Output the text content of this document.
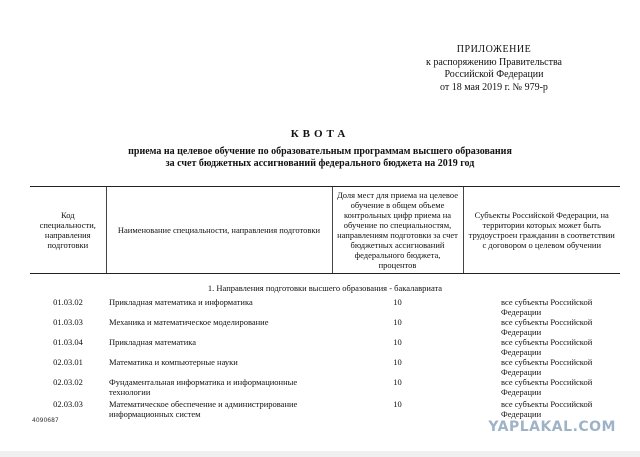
ПРИЛОЖЕНИЕ
к распоряжению Правительства
Российской Федерации
от 18 мая 2019 г. № 979-р
КВОТА
приема на целевое обучение по образовательным программам высшего образования
за счет бюджетных ассигнований федерального бюджета на 2019 год
Код специальности, направления подготовки	Наименование специальности, направления подготовки	Доля мест для приема на целевое обучение в общем объеме контрольных цифр приема на обучение по специальностям, направлениям подготовки за счет бюджетных ассигнований федерального бюджета, процентов	Субъекты Российской Федерации, на территории которых может быть трудоустроен гражданин в соответствии с договором о целевом обучении
1. Направления подготовки высшего образования - бакалавриата			
01.03.02	Прикладная математика и информатика	10	все субъекты Российской Федерации
01.03.03	Механика и математическое моделирование	10	все субъекты Российской Федерации
01.03.04	Прикладная математика	10	все субъекты Российской Федерации
02.03.01	Математика и компьютерные науки	10	все субъекты Российской Федерации
02.03.02	Фундаментальная информатика и информационные технологии	10	все субъекты Российской Федерации
02.03.03	Математическое обеспечение и администрирование информационных систем	10	все субъекты Российской Федерации
4090687	YAPLAKAL.COM
